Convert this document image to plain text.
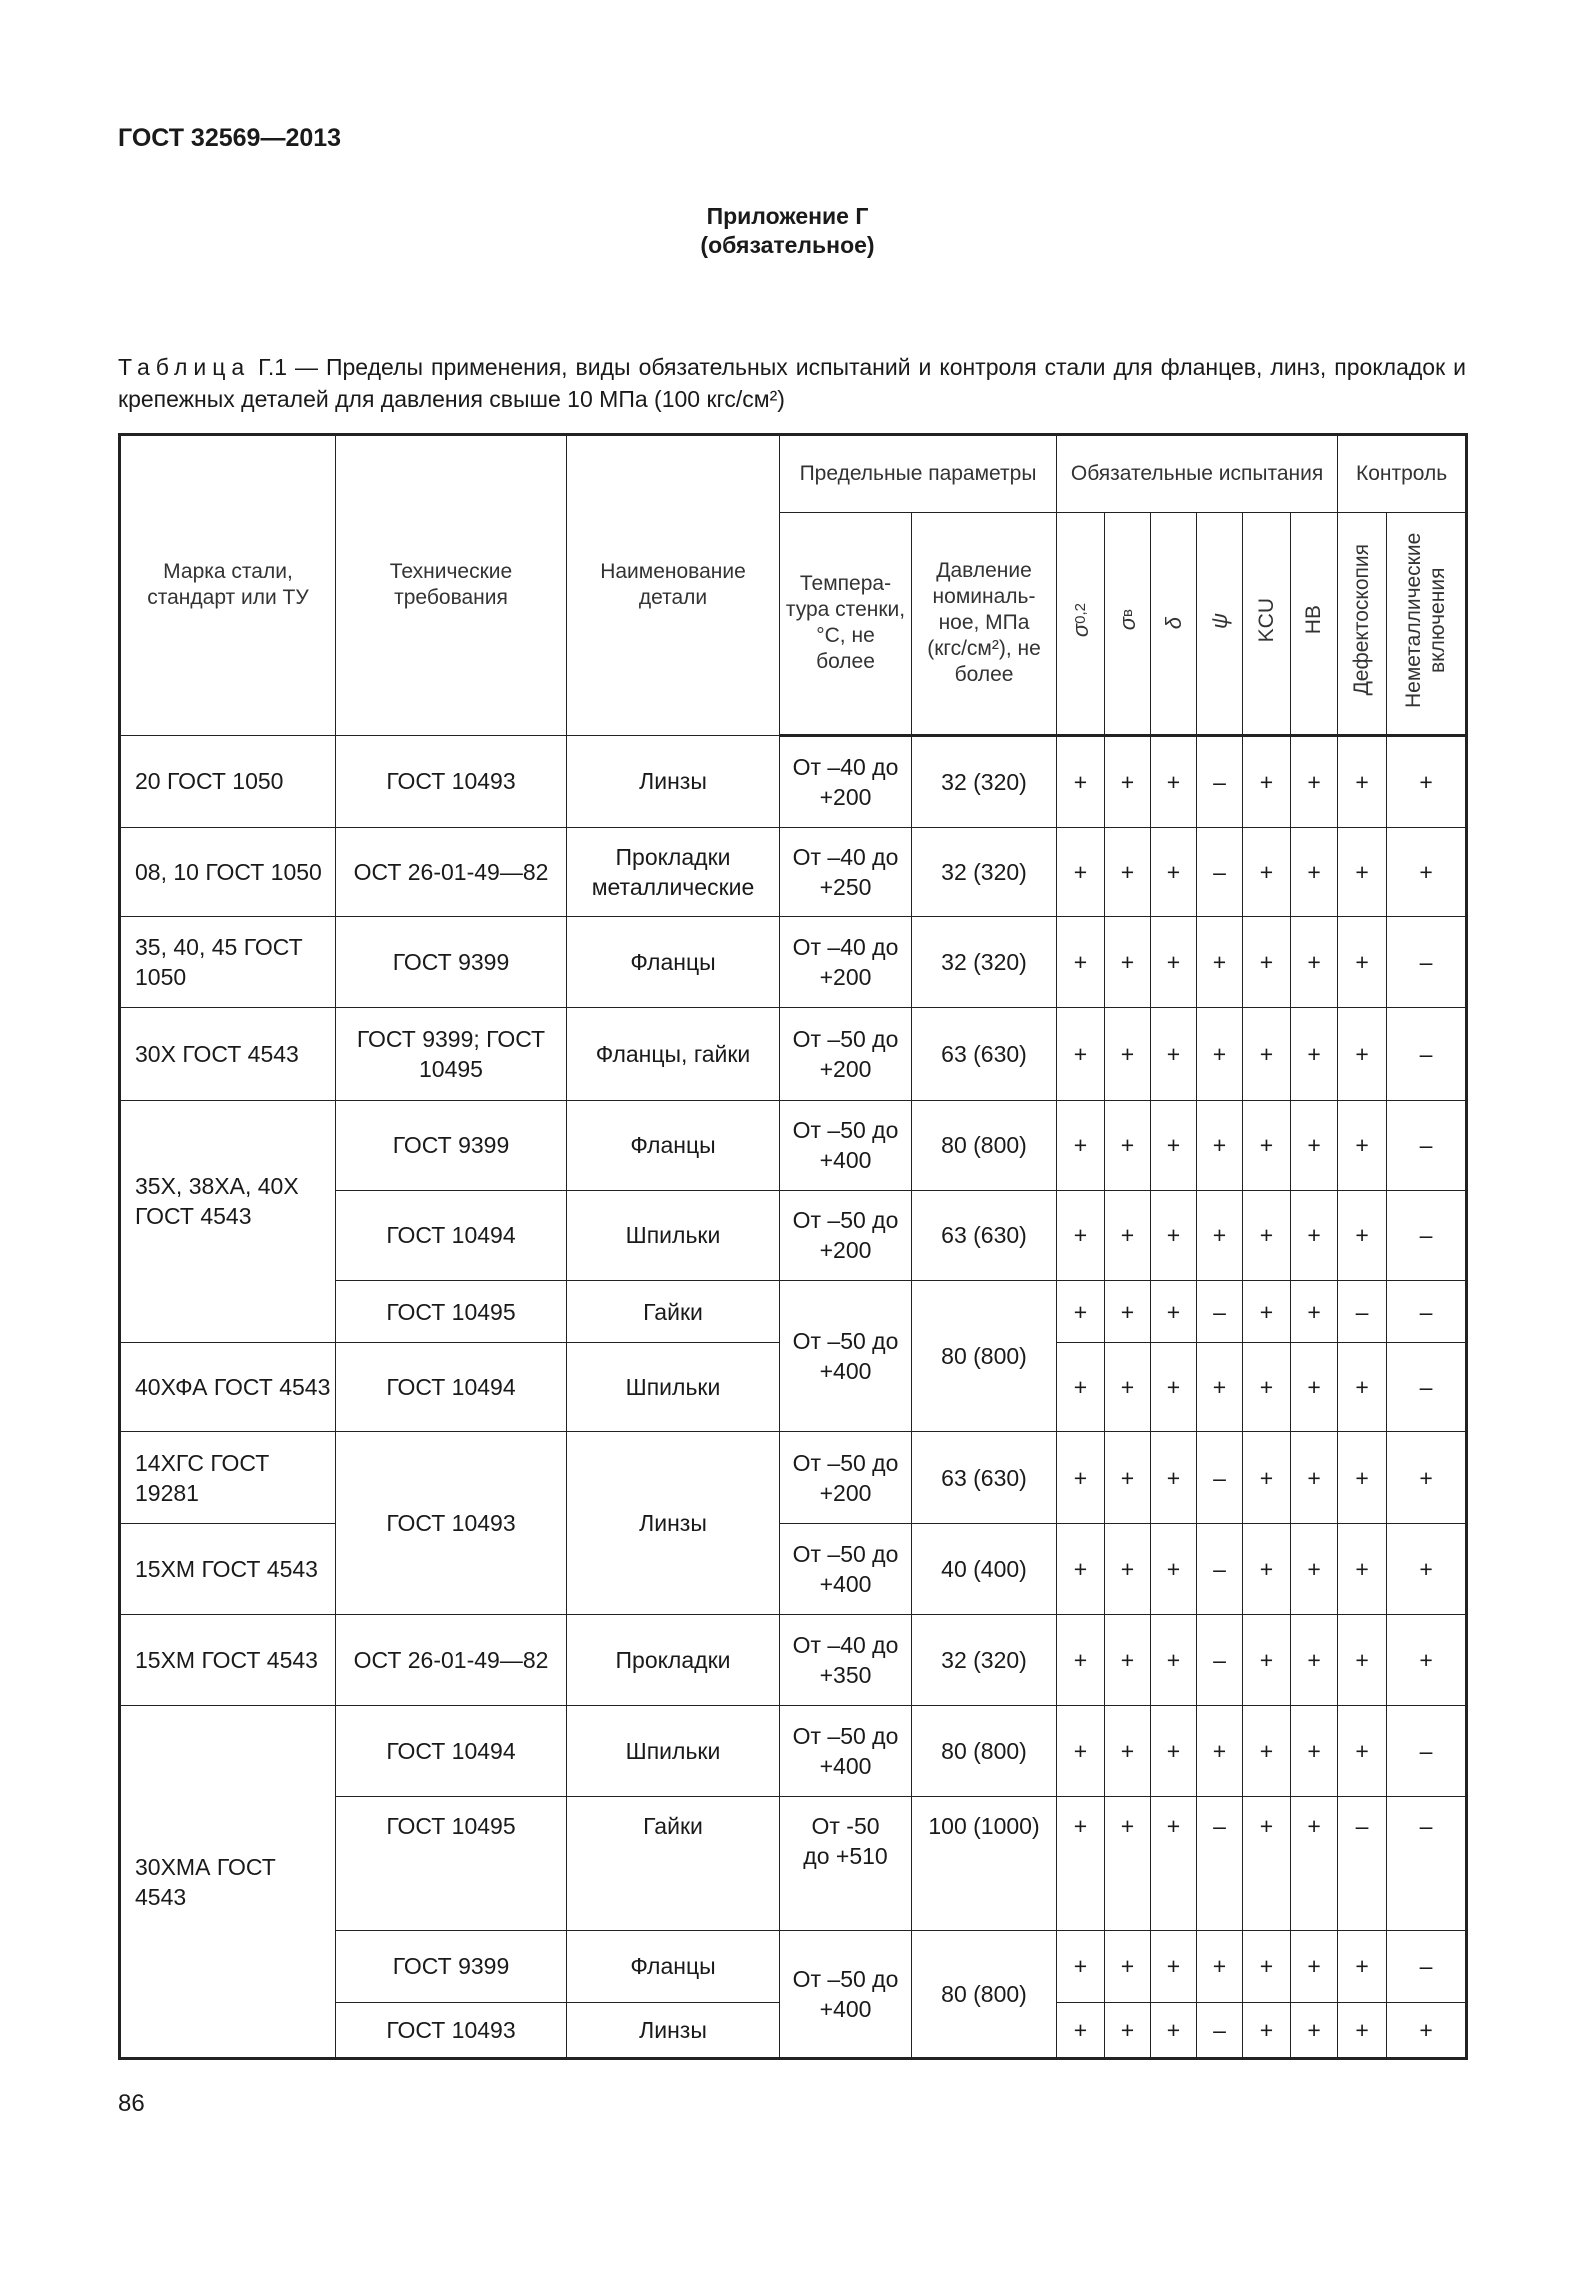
ГОСТ 32569—2013
Приложение Г
(обязательное)
Таблица Г.1 — Пределы применения, виды обязательных испытаний и контроля стали для фланцев, линз, прокладок и крепежных деталей для давления свыше 10 МПа (100 кгс/см²)
Марка стали, стандарт или ТУ	Технические требования	Наименование детали	Предельные параметры		Обязательные испытания						Контроль	
			Темпера-тура стенки, °С, не более	Давление номиналь-ное, МПа (кгс/см²), не более	σ0,2	σв	δ	ψ	KCU	НВ	Дефектоскопия	Неметаллические включения
20 ГОСТ 1050	ГОСТ 10493	Линзы	От –40 до +200	32 (320)	+	+	+	–	+	+	+	+
08, 10 ГОСТ 1050	ОСТ 26-01-49—82	Прокладки металлические	От –40 до +250	32 (320)	+	+	+	–	+	+	+	+
35, 40, 45 ГОСТ 1050	ГОСТ 9399	Фланцы	От –40 до +200	32 (320)	+	+	+	+	+	+	+	–
30Х ГОСТ 4543	ГОСТ 9399; ГОСТ 10495	Фланцы, гайки	От –50 до +200	63 (630)	+	+	+	+	+	+	+	–
35Х, 38ХА, 40Х ГОСТ 4543	ГОСТ 9399	Фланцы	От –50 до +400	80 (800)	+	+	+	+	+	+	+	–
	ГОСТ 10494	Шпильки	От –50 до +200	63 (630)	+	+	+	+	+	+	+	–
	ГОСТ 10495	Гайки	От –50 до +400	80 (800)	+	+	+	–	+	+	–	–
40ХФА ГОСТ 4543	ГОСТ 10494	Шпильки			+	+	+	+	+	+	+	–
14ХГС ГОСТ 19281	ГОСТ 10493	Линзы	От –50 до +200	63 (630)	+	+	+	–	+	+	+	+
15ХМ ГОСТ 4543			От –50 до +400	40 (400)	+	+	+	–	+	+	+	+
15ХМ ГОСТ 4543	ОСТ 26-01-49—82	Прокладки	От –40 до +350	32 (320)	+	+	+	–	+	+	+	+
30ХМА ГОСТ 4543	ГОСТ 10494	Шпильки	От –50 до +400	80 (800)	+	+	+	+	+	+	+	–
	ГОСТ 10495	Гайки	От -50 до +510	100 (1000)	+	+	+	–	+	+	–	–
	ГОСТ 9399	Фланцы	От –50 до +400	80 (800)	+	+	+	+	+	+	+	–
	ГОСТ 10493	Линзы			+	+	+	–	+	+	+	+
86
